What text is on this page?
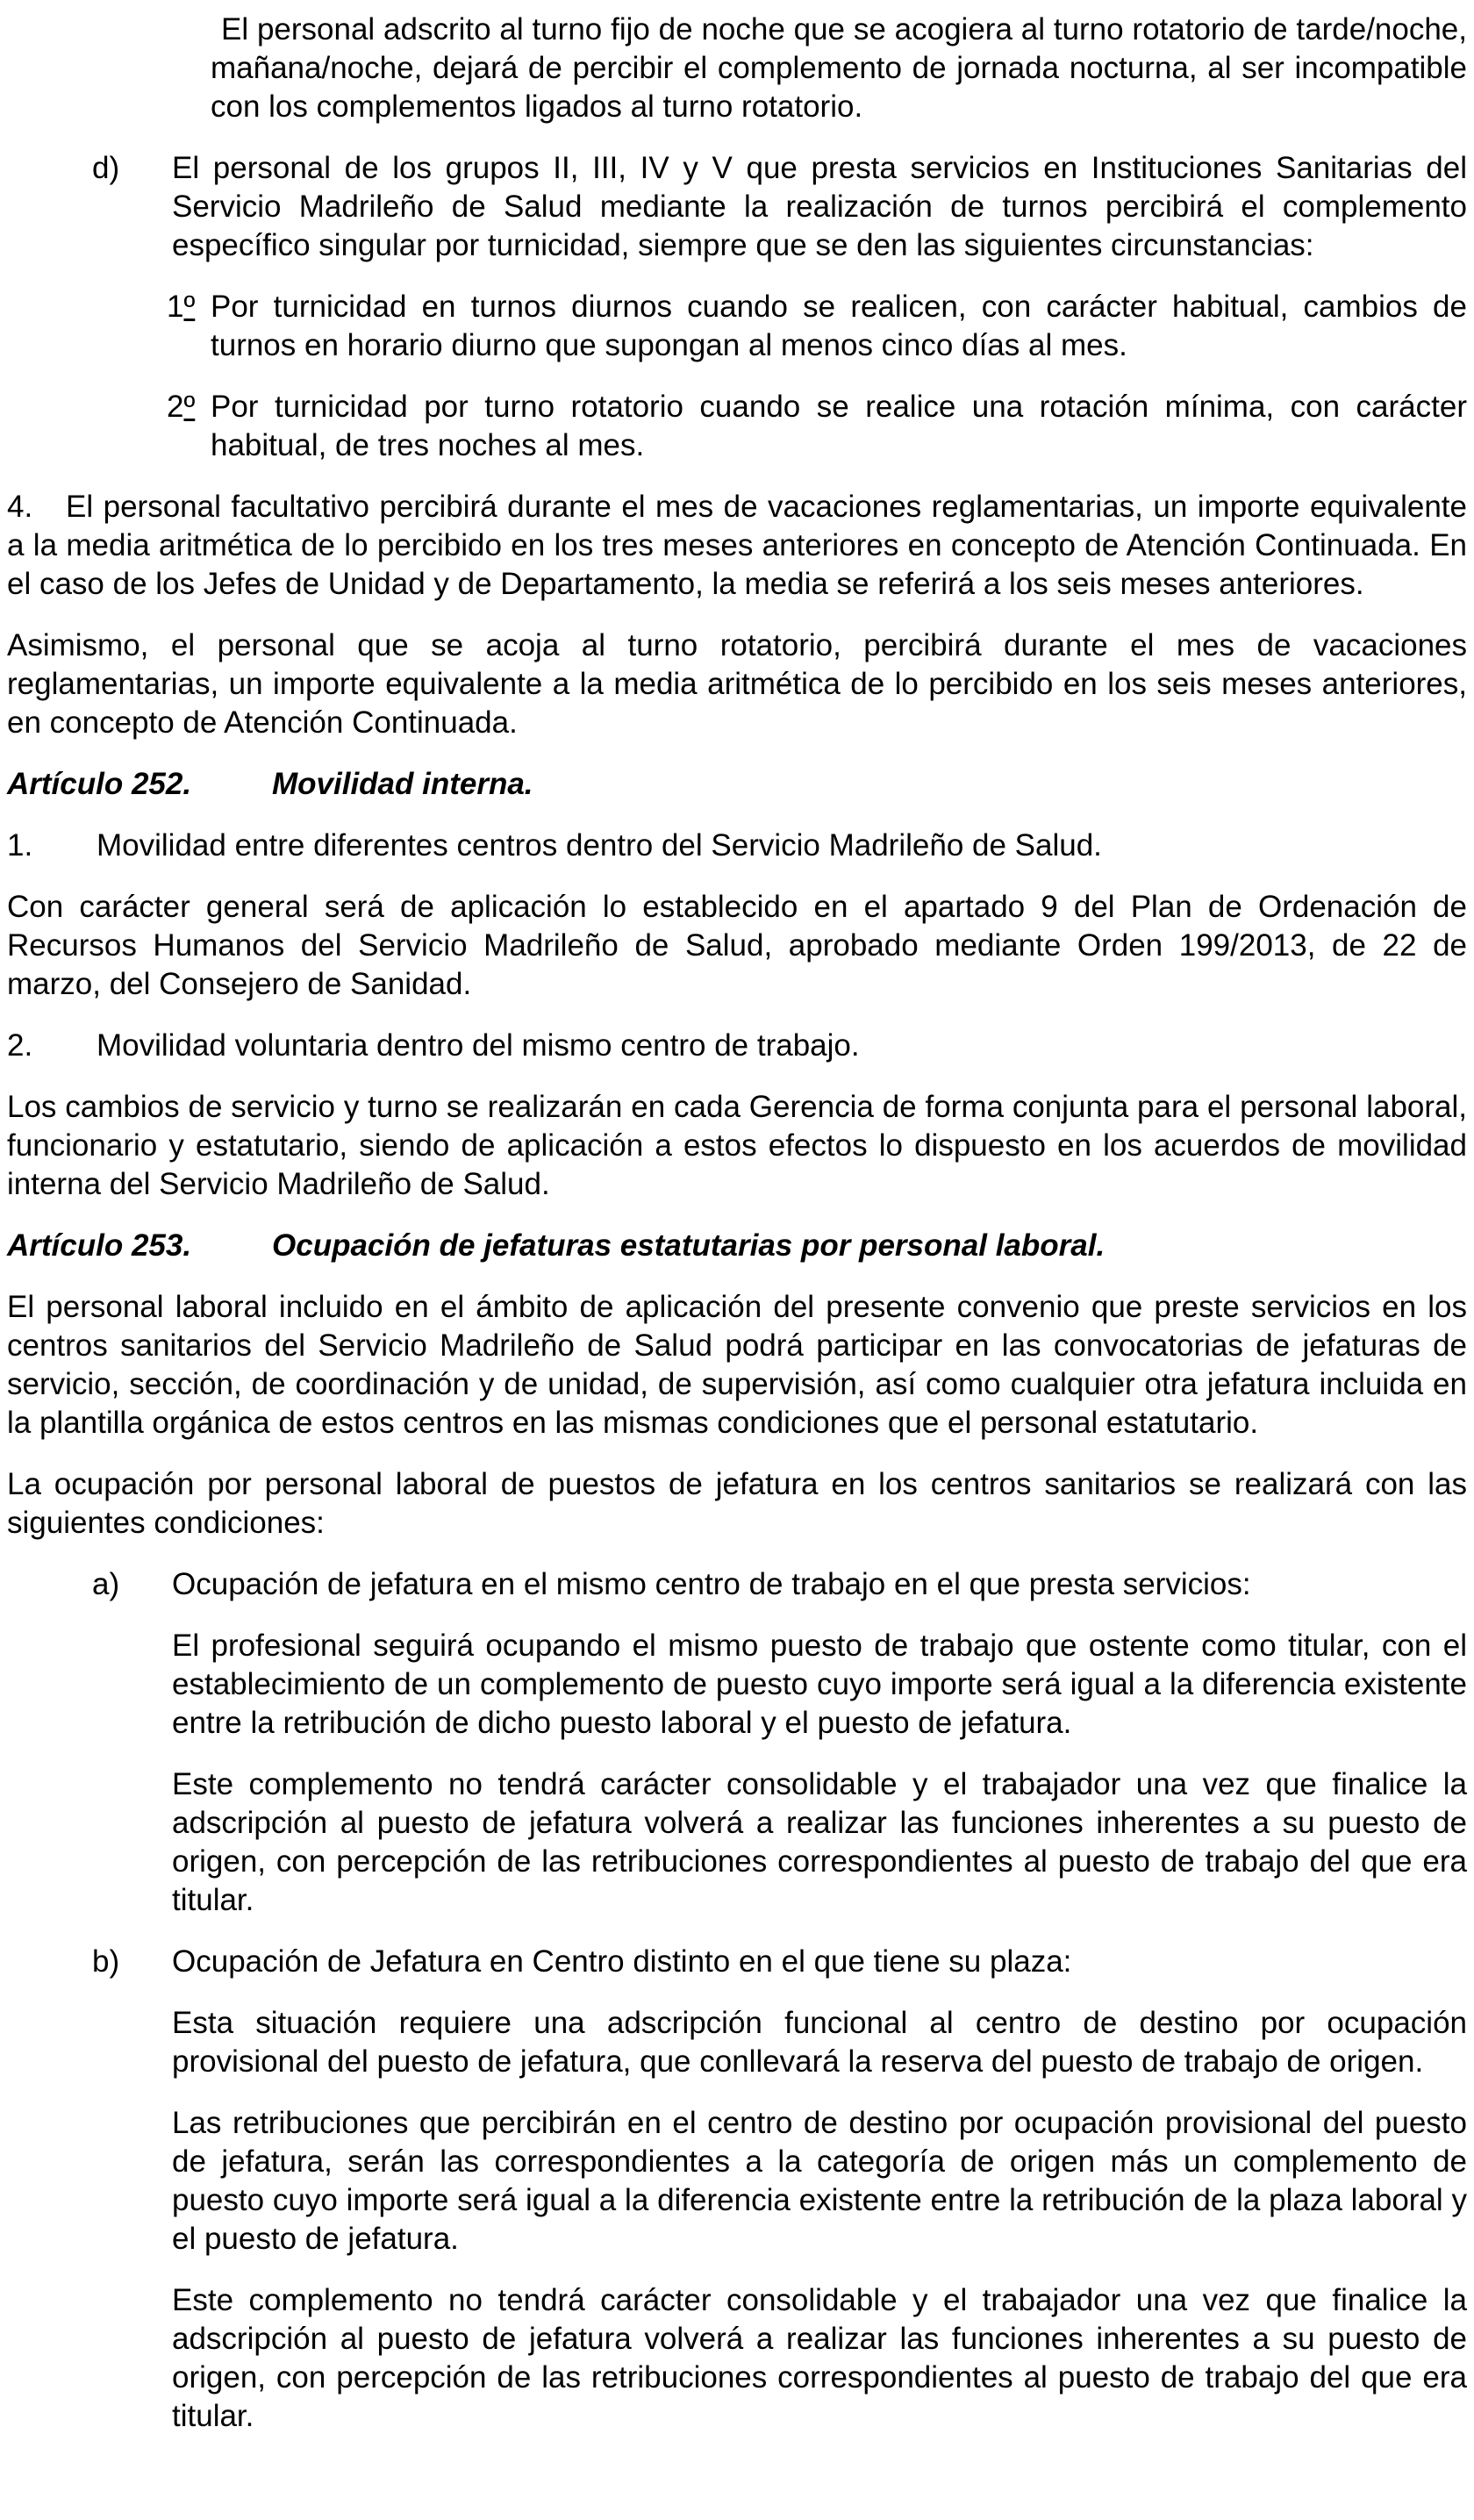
El personal adscrito al turno fijo de noche que se acogiera al turno rotatorio de tarde/noche, mañana/noche, dejará de percibir el complemento de jornada nocturna, al ser incompatible con los complementos ligados al turno rotatorio.
d) El personal de los grupos II, III, IV y V que presta servicios en Instituciones Sanitarias del Servicio Madrileño de Salud mediante la realización de turnos percibirá el complemento específico singular por turnicidad, siempre que se den las siguientes circunstancias:
1º Por turnicidad en turnos diurnos cuando se realicen, con carácter habitual, cambios de turnos en horario diurno que supongan al menos cinco días al mes.
2º Por turnicidad por turno rotatorio cuando se realice una rotación mínima, con carácter habitual, de tres noches al mes.
4. El personal facultativo percibirá durante el mes de vacaciones reglamentarias, un importe equivalente a la media aritmética de lo percibido en los tres meses anteriores en concepto de Atención Continuada. En el caso de los Jefes de Unidad y de Departamento, la media se referirá a los seis meses anteriores.
Asimismo, el personal que se acoja al turno rotatorio, percibirá durante el mes de vacaciones reglamentarias, un importe equivalente a la media aritmética de lo percibido en los seis meses anteriores, en concepto de Atención Continuada.
Artículo 252.	Movilidad interna.
1. Movilidad entre diferentes centros dentro del Servicio Madrileño de Salud.
Con carácter general será de aplicación lo establecido en el apartado 9 del Plan de Ordenación de Recursos Humanos del Servicio Madrileño de Salud, aprobado mediante Orden 199/2013, de 22 de marzo, del Consejero de Sanidad.
2. Movilidad voluntaria dentro del mismo centro de trabajo.
Los cambios de servicio y turno se realizarán en cada Gerencia de forma conjunta para el personal laboral, funcionario y estatutario, siendo de aplicación a estos efectos lo dispuesto en los acuerdos de movilidad interna del Servicio Madrileño de Salud.
Artículo 253.	Ocupación de jefaturas estatutarias por personal laboral.
El personal laboral incluido en el ámbito de aplicación del presente convenio que preste servicios en los centros sanitarios del Servicio Madrileño de Salud podrá participar en las convocatorias de jefaturas de servicio, sección, de coordinación y de unidad, de supervisión, así como cualquier otra jefatura incluida en la plantilla orgánica de estos centros en las mismas condiciones que el personal estatutario.
La ocupación por personal laboral de puestos de jefatura en los centros sanitarios se realizará con las siguientes condiciones:
a) Ocupación de jefatura en el mismo centro de trabajo en el que presta servicios:
El profesional seguirá ocupando el mismo puesto de trabajo que ostente como titular, con el establecimiento de un complemento de puesto cuyo importe será igual a la diferencia existente entre la retribución de dicho puesto laboral y el puesto de jefatura.
Este complemento no tendrá carácter consolidable y el trabajador una vez que finalice la adscripción al puesto de jefatura volverá a realizar las funciones inherentes a su puesto de origen, con percepción de las retribuciones correspondientes al puesto de trabajo del que era titular.
b) Ocupación de Jefatura en Centro distinto en el que tiene su plaza:
Esta situación requiere una adscripción funcional al centro de destino por ocupación provisional del puesto de jefatura, que conllevará la reserva del puesto de trabajo de origen.
Las retribuciones que percibirán en el centro de destino por ocupación provisional del puesto de jefatura, serán las correspondientes a la categoría de origen más un complemento de puesto cuyo importe será igual a la diferencia existente entre la retribución de la plaza laboral y el puesto de jefatura.
Este complemento no tendrá carácter consolidable y el trabajador una vez que finalice la adscripción al puesto de jefatura volverá a realizar las funciones inherentes a su puesto de origen, con percepción de las retribuciones correspondientes al puesto de trabajo del que era titular.
